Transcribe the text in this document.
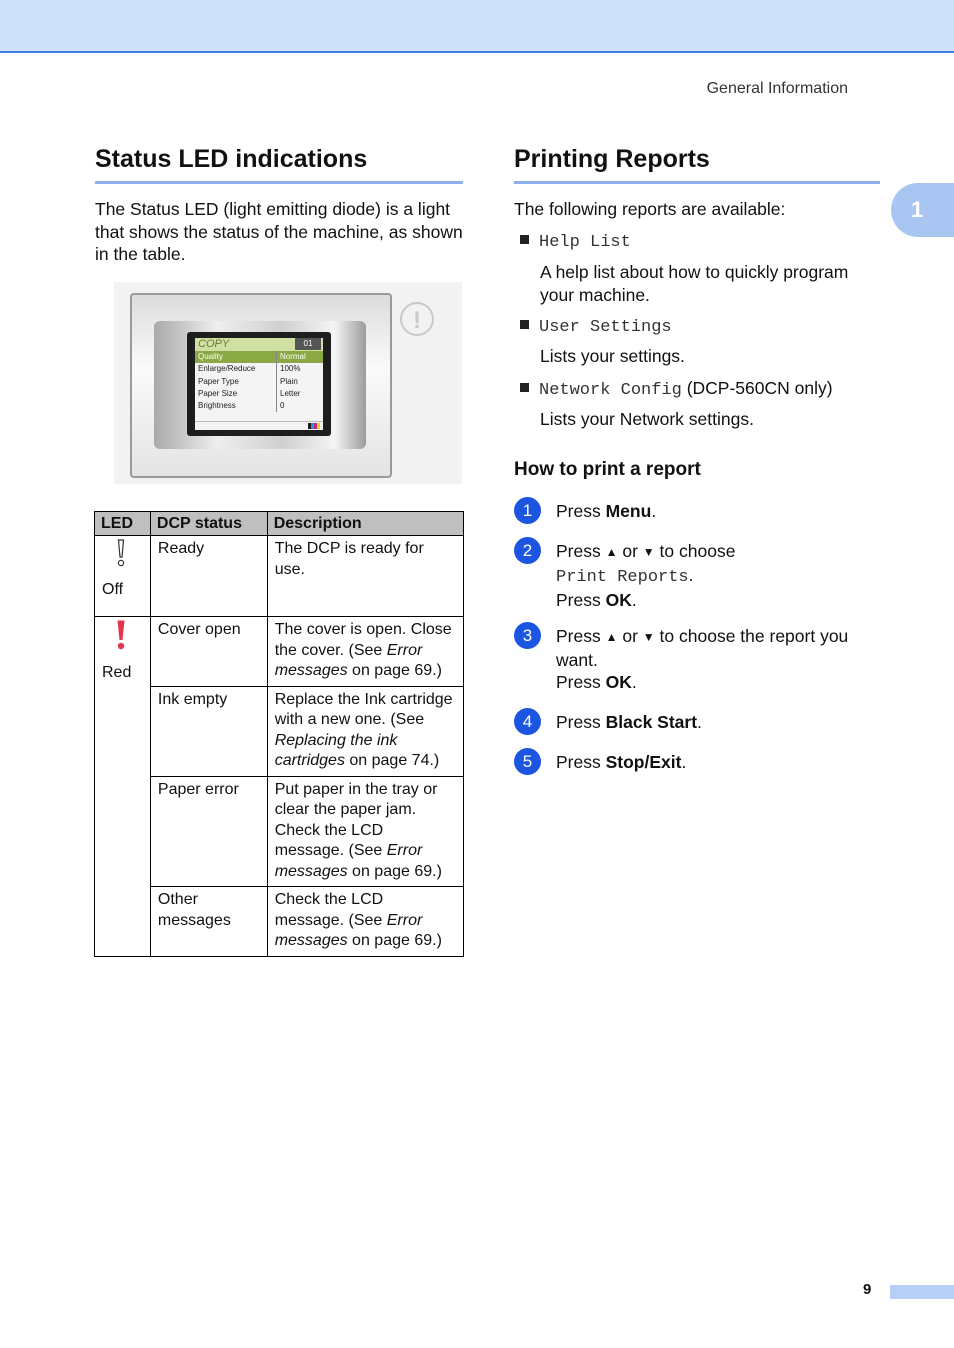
General Information
1
Status LED indications

The Status LED (light emitting diode) is a light that shows the status of the machine, as shown in the table.

COPY	01
Quality	Normal
Enlarge/Reduce	100%
Paper Type	Plain
Paper Size	Letter
Brightness	0
!
LED	DCP status	Description

Off	Ready	The DCP is ready for use.

Red	Cover open	The cover is open. Close the cover. (See Error messages on page 69.)
	Ink empty	Replace the Ink cartridge with a new one. (See Replacing the ink cartridges on page 74.)
	Paper error	Put paper in the tray or clear the paper jam. Check the LCD message. (See Error messages on page 69.)
	Other messages	Check the LCD message. (See Error messages on page 69.)
Printing Reports

The following reports are available:

Help List
A help list about how to quickly program your machine.
User Settings
Lists your settings.
Network Config (DCP-560CN only)
Lists your Network settings.
How to print a report
1	Press Menu.
2	Press ▲ or ▼ to choose
Print Reports.
Press OK.
3	Press ▲ or ▼ to choose the report you want.
Press OK.
4	Press Black Start.
5	Press Stop/Exit.
9
